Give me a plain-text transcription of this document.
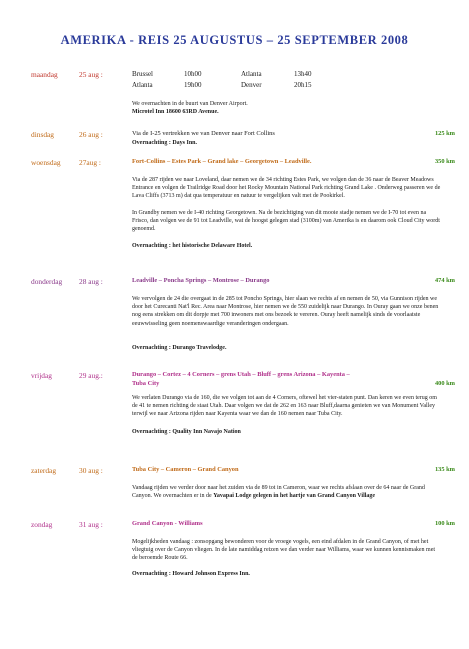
AMERIKA - REIS 25 AUGUSTUS – 25 SEPTEMBER 2008
maandag	25 aug :	Brussel	10h00	Atlanta	13h40
Atlanta	19h00	Denver	20h15
We overnachten in de buurt van Denver Airport.
Microtel Inn 18600 63RD Avenue.
dinsdag	26 aug :	Via de I-25 vertrekken we van Denver naar Fort Collins	125 km
Overnachting : Days Inn.
woensdag 27aug :	Fort-Collins – Estes Park – Grand lake – Georgetown – Leadville.	350 km
Via de 287 rijden we naar Loveland, daar nemen we de 34 richting Estes Park, we volgen dan de 36 naar de Beaver Meadows Entrance en volgen de Trailridge Road door het Rocky Mountain National Park richting Grand Lake . Onderweg passeren we de Lava Cliffs (3713 m) dat qua temperatuur en natuur te vergelijken valt met de Pookirkel.
In Grandby nemen we de I-40 richting Georgetown. Na de bezichtiging van dit mooie stadje nemen we de I-70 tot even na Frisco, dan volgen we de 91 tot Leadville, wat de hoogst gelegen stad (3100m) van Amerika is en daarom ook Cloud City wordt genoemd.
Overnachting : het historische Delaware Hotel.
donderdag 28 aug :	Leadville – Poncha Springs – Montrose – Durango	474 km
We vervolgen de 24 die overgaat in de 285 tot Poncho Springs, hier slaan we rechts af en nemen de 50, via Gunnison rijden we door het Curecanti Nat'l Rec. Area naar Montrose, hier nemen we de 550 zuidelijk naar Durango. In Ouray gaan we onze benen nog eens strekken om dit dorpje met 700 inwoners met ons bezoek te vereren. Ouray heeft namelijk sinds de voorlaatste eeuwwisseling geen noemenswaardige veranderingen ondergaan.
Overnachting : Durango Travelodge.
vrijdag	29 aug.:	Durango – Cortez – 4 Corners – grens Utah – Bluff – grens Arizona – Kayenta –
Tuba City	400 km
We verlaten Durango via de 160, die we volgen tot aan de 4 Corners, oftewel het vier-staten punt. Dan keren we even terug om de 41 te nemen richting de staat Utah. Daar volgen we dat de 262 en 163 naar Bluff,daarna genieten we van Monument Valley terwijl we naar Arizona rijden naar Kayenta waar we dan de 160 nemen naar Tuba City.
Overnachting : Quality Inn Navajo Nation
zaterdag	30 aug :	Tuba City – Cameron – Grand Canyon	135 km
Vandaag rijden we verder door naar het zuiden via de 89 tot in Cameron, waar we rechts afslaan over de 64 naar de Grand Canyon. We overnachten er in de Yavapai Lodge gelegen in het hartje van Grand Canyon Village
zondag	31 aug :	Grand Canyon - Williams	100 km
Mogelijkheden vandaag : zonsopgang bewonderen voor de vroege vogels, een eind afdalen in de Grand Canyon, of met het vliegtuig over de Canyon vliegen. In de late namiddag reizen we dan verder naar Williams, waar we kunnen kennismaken met de beroemde Route 66.
Overnachting : Howard Johnson Express Inn.
